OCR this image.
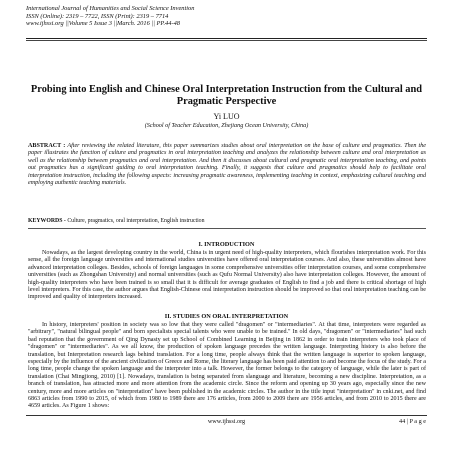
International Journal of Humanities and Social Science Invention
ISSN (Online): 2319 – 7722, ISSN (Print): 2319 – 7714
www.ijhssi.org ||Volume 5 Issue 3 ||March. 2016 || PP.44-48
Probing into English and Chinese Oral Interpretation Instruction from the Cultural and Pragmatic Perspective
Yi LUO
(School of Teacher Education, Zhejiang Ocean University, China)
ABSTRACT : After reviewing the related literature, this paper summarizes studies about oral interpretation on the base of culture and pragmatics. Then the paper illustrates the function of culture and pragmatics in oral interpretation teaching and analyzes the relationship between culture and oral interpretation as well as the relationship between pragmatics and oral interpretation. And then it discusses about cultural and pragmatic oral interpretation teaching, and points out pragmatics has a significant guiding to oral interpretation teaching. Finally, it suggests that culture and pragmatics should help to facilitate oral interpretation instruction, including the following aspects: increasing pragmatic awareness, implementing teaching in context, emphasizing cultural teaching and employing authentic teaching materials.
KEYWORDS - Culture, pragmatics, oral interpretation, English instruction
I. INTRODUCTION
Nowadays, as the largest developing country in the world, China is in urgent need of high-quality interpreters, which flourishes interpretation work. For this sense, all the foreign language universities and international studies universities have offered oral interpretation courses. And also, these universities almost have advanced interpretation colleges. Besides, schools of foreign languages in some comprehensive universities offer interpretation courses, and some comprehensive universities (such as Zhongshan University) and normal universities (such as Qufu Normal University) also have interpretation colleges. However, the amount of high-quality interpreters who have been trained is so small that it is difficult for average graduates of English to find a job and there is critical shortage of high level interpreters. For this case, the author argues that English-Chinese oral interpretation instruction should be improved so that oral interpretation teaching can be improved and quality of interpreters increased.
II. STUDIES ON ORAL INTERPRETATION
In history, interpreters' position in society was so low that they were called "dragomen" or "intermediaries". At that time, interpreters were regarded as "arbitrary", "natural bilingual people" and born specialists special talents who were unable to be trained." In old days, "dragomen" or "intermediaries" had such bad reputation that the government of Qing Dynasty set up School of Combined Learning in Beijing in 1862 in order to train interpreters who took place of "dragomen" or "intermediaries". As we all know, the production of spoken language precedes the written language. Interpreting history is also before the translation, but Interpretation research lags behind translation. For a long time, people always think that the written language is superior to spoken language, especially by the influence of the ancient civilization of Greece and Rome, the literary language has been paid attention to and become the focus of the study. For a long time, people change the spoken language and the interpreter into a talk. However, the former belongs to the category of language, while the later is part of translation (Chai Mingjiong, 2010) [1]. Nowadays, translation is being separated from slanguage and literature, becoming a new discipline. Interpretation, as a branch of translation, has attracted more and more attention from the academic circle. Since the reform and opening up 30 years ago, especially since the new century, more and more articles on "interpretation" have been published in the academic circles. The author in the title input "interpretation" in cnki.net, and find 6863 articles from 1990 to 2015, of which from 1980 to 1989 there are 176 articles, from 2000 to 2009 there are 1956 articles, and from 2010 to 2015 there are 4659 articles. As Figure 1 shows:
www.ijhssi.org	44 | P a g e
